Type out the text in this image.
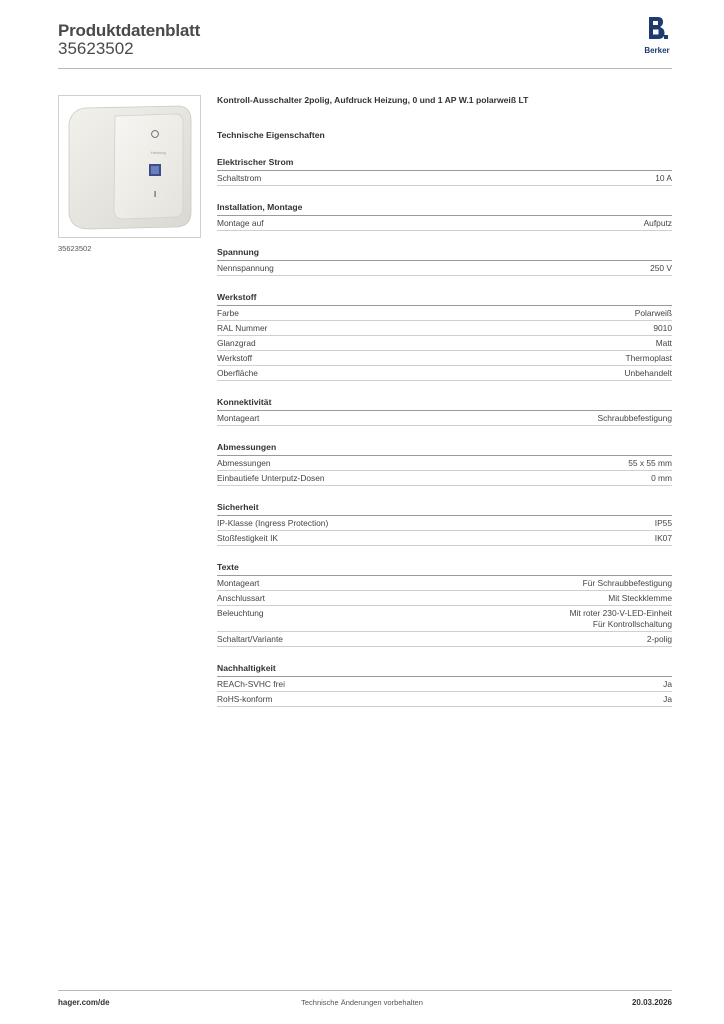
Produktdatenblatt
35623502	Berker
Heizung
35623502
Kontroll-Ausschalter 2polig, Aufdruck Heizung, 0 und 1 AP W.1 polarweiß LT
Technische Eigenschaften
Elektrischer Strom
Schaltstrom	10 A
Installation, Montage
Montage auf	Aufputz
Spannung
Nennspannung	250 V
Werkstoff
Farbe	Polarweiß
RAL Nummer	9010
Glanzgrad	Matt
Werkstoff	Thermoplast
Oberfläche	Unbehandelt
Konnektivität
Montageart	Schraubbefestigung
Abmessungen
Abmessungen	55 x 55 mm
Einbautiefe Unterputz-Dosen	0 mm
Sicherheit
IP-Klasse (Ingress Protection)	IP55
Stoßfestigkeit IK	IK07
Texte
Montageart	Für Schraubbefestigung
Anschlussart	Mit Steckklemme
Beleuchtung	Mit roter 230-V-LED-Einheit
Für Kontrollschaltung
Schaltart/Variante	2-polig
Nachhaltigkeit
REACh-SVHC frei	Ja
RoHS-konform	Ja
hager.com/de	Technische Änderungen vorbehalten	20.03.2026
